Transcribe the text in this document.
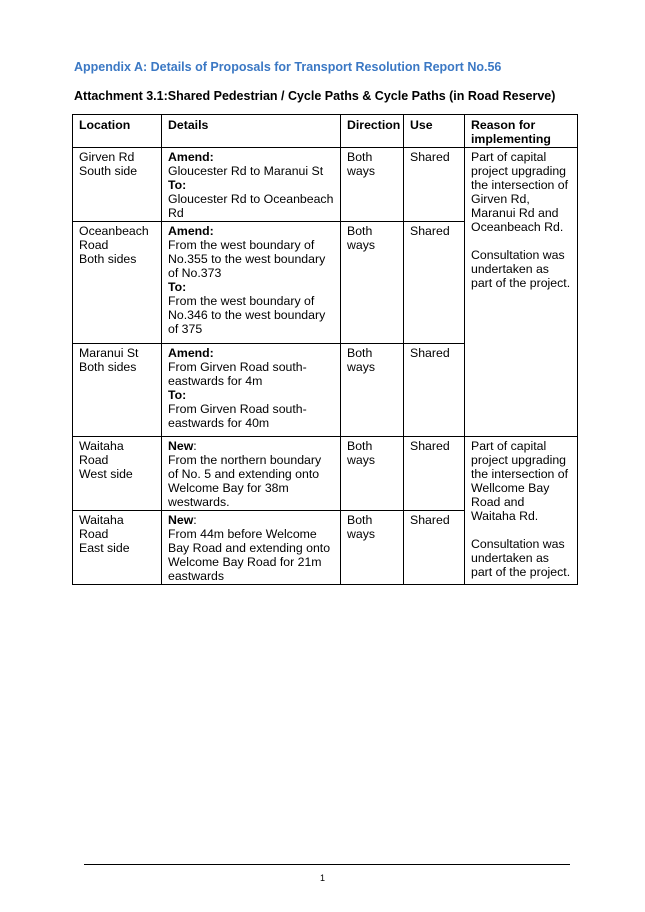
Appendix A: Details of Proposals for Transport Resolution Report No.56
Attachment 3.1:Shared Pedestrian / Cycle Paths & Cycle Paths (in Road Reserve)
Location	Details	Direction	Use	Reason for implementing

Girven Rd
South side	Amend:
Gloucester Rd to Maranui St
To:
Gloucester Rd to Oceanbeach Rd	Both ways	Shared	Part of capital project upgrading the intersection of Girven Rd, Maranui Rd and Oceanbeach Rd.
Consultation was undertaken as part of the project.

Oceanbeach Road
Both sides	Amend:
From the west boundary of No.355 to the west boundary of No.373
To:
From the west boundary of No.346 to the west boundary of 375	Both ways	Shared	

Maranui St
Both sides	Amend:
From Girven Road south-eastwards for 4m
To:
From Girven Road south-eastwards for 40m	Both ways	Shared	

Waitaha Road
West side	New:
From the northern boundary of No. 5 and extending onto Welcome Bay for 38m westwards.	Both ways	Shared	Part of capital project upgrading the intersection of Wellcome Bay Road and Waitaha Rd.
Consultation was undertaken as part of the project.

Waitaha Road
East side	New:
From 44m before Welcome Bay Road and extending onto Welcome Bay Road for 21m eastwards	Both ways	Shared	
1
